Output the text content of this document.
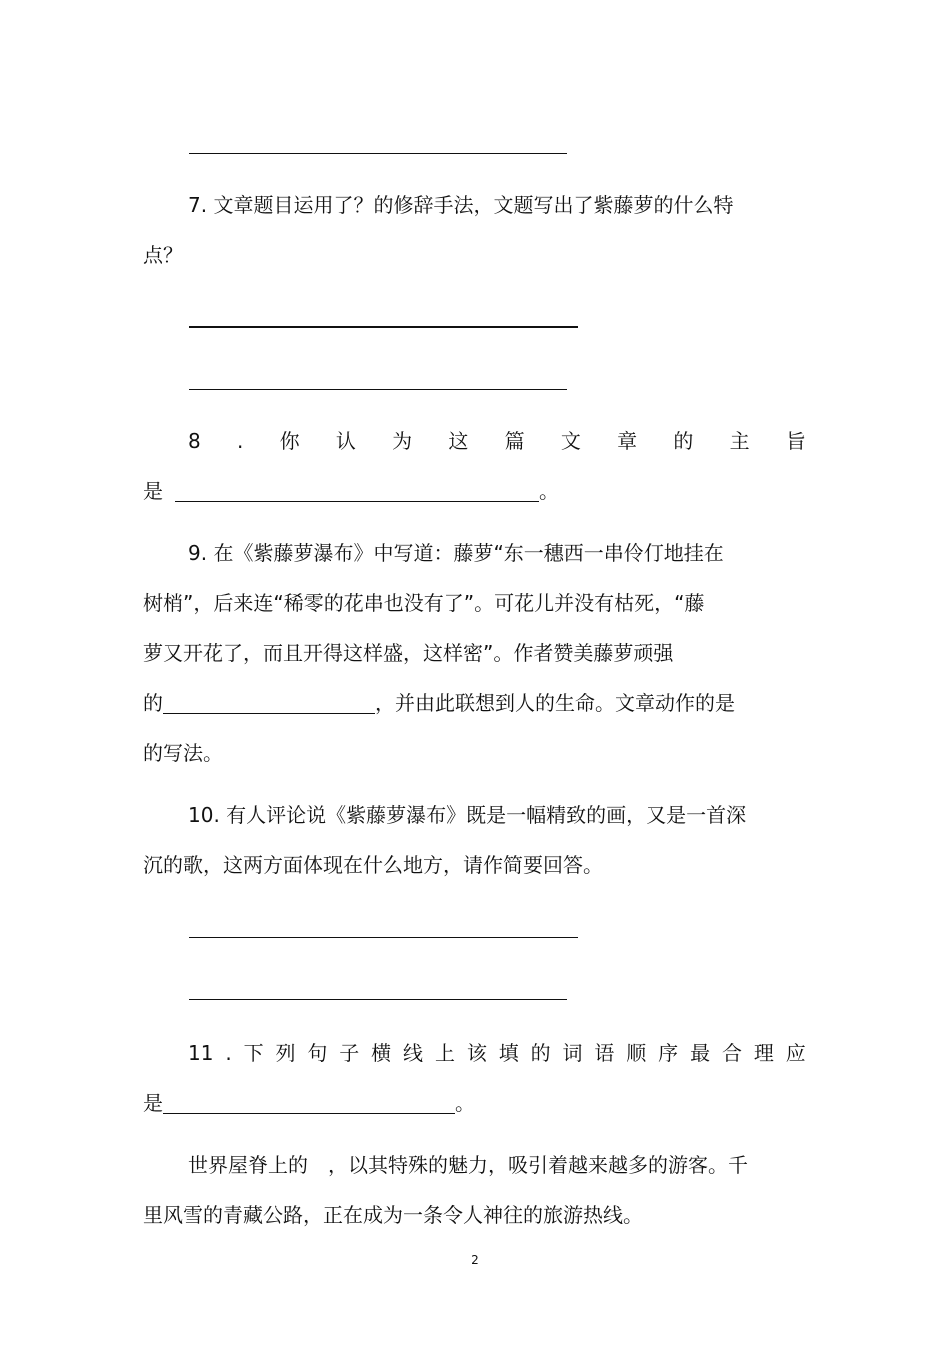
7. 文章题目运用了？的修辞手法，文题写出了紫藤萝的什么特
点？
8 . 你 认 为 这 篇 文 章 的 主 旨
是	。
9. 在《紫藤萝瀑布》中写道：藤萝“东一穗西一串伶仃地挂在
树梢”，后来连“稀零的花串也没有了”。可花儿并没有枯死，“藤
萝又开花了，而且开得这样盛，这样密”。作者赞美藤萝顽强
的	，并由此联想到人的生命。文章动作的是
的写法。
10. 有人评论说《紫藤萝瀑布》既是一幅精致的画，又是一首深
沉的歌，这两方面体现在什么地方，请作简要回答。
11 . 下 列 句 子 横 线 上 该 填 的 词 语 顺 序 最 合 理 应
是	。
世界屋脊上的　，以其特殊的魅力，吸引着越来越多的游客。千
里风雪的青藏公路，正在成为一条令人神往的旅游热线。
2
